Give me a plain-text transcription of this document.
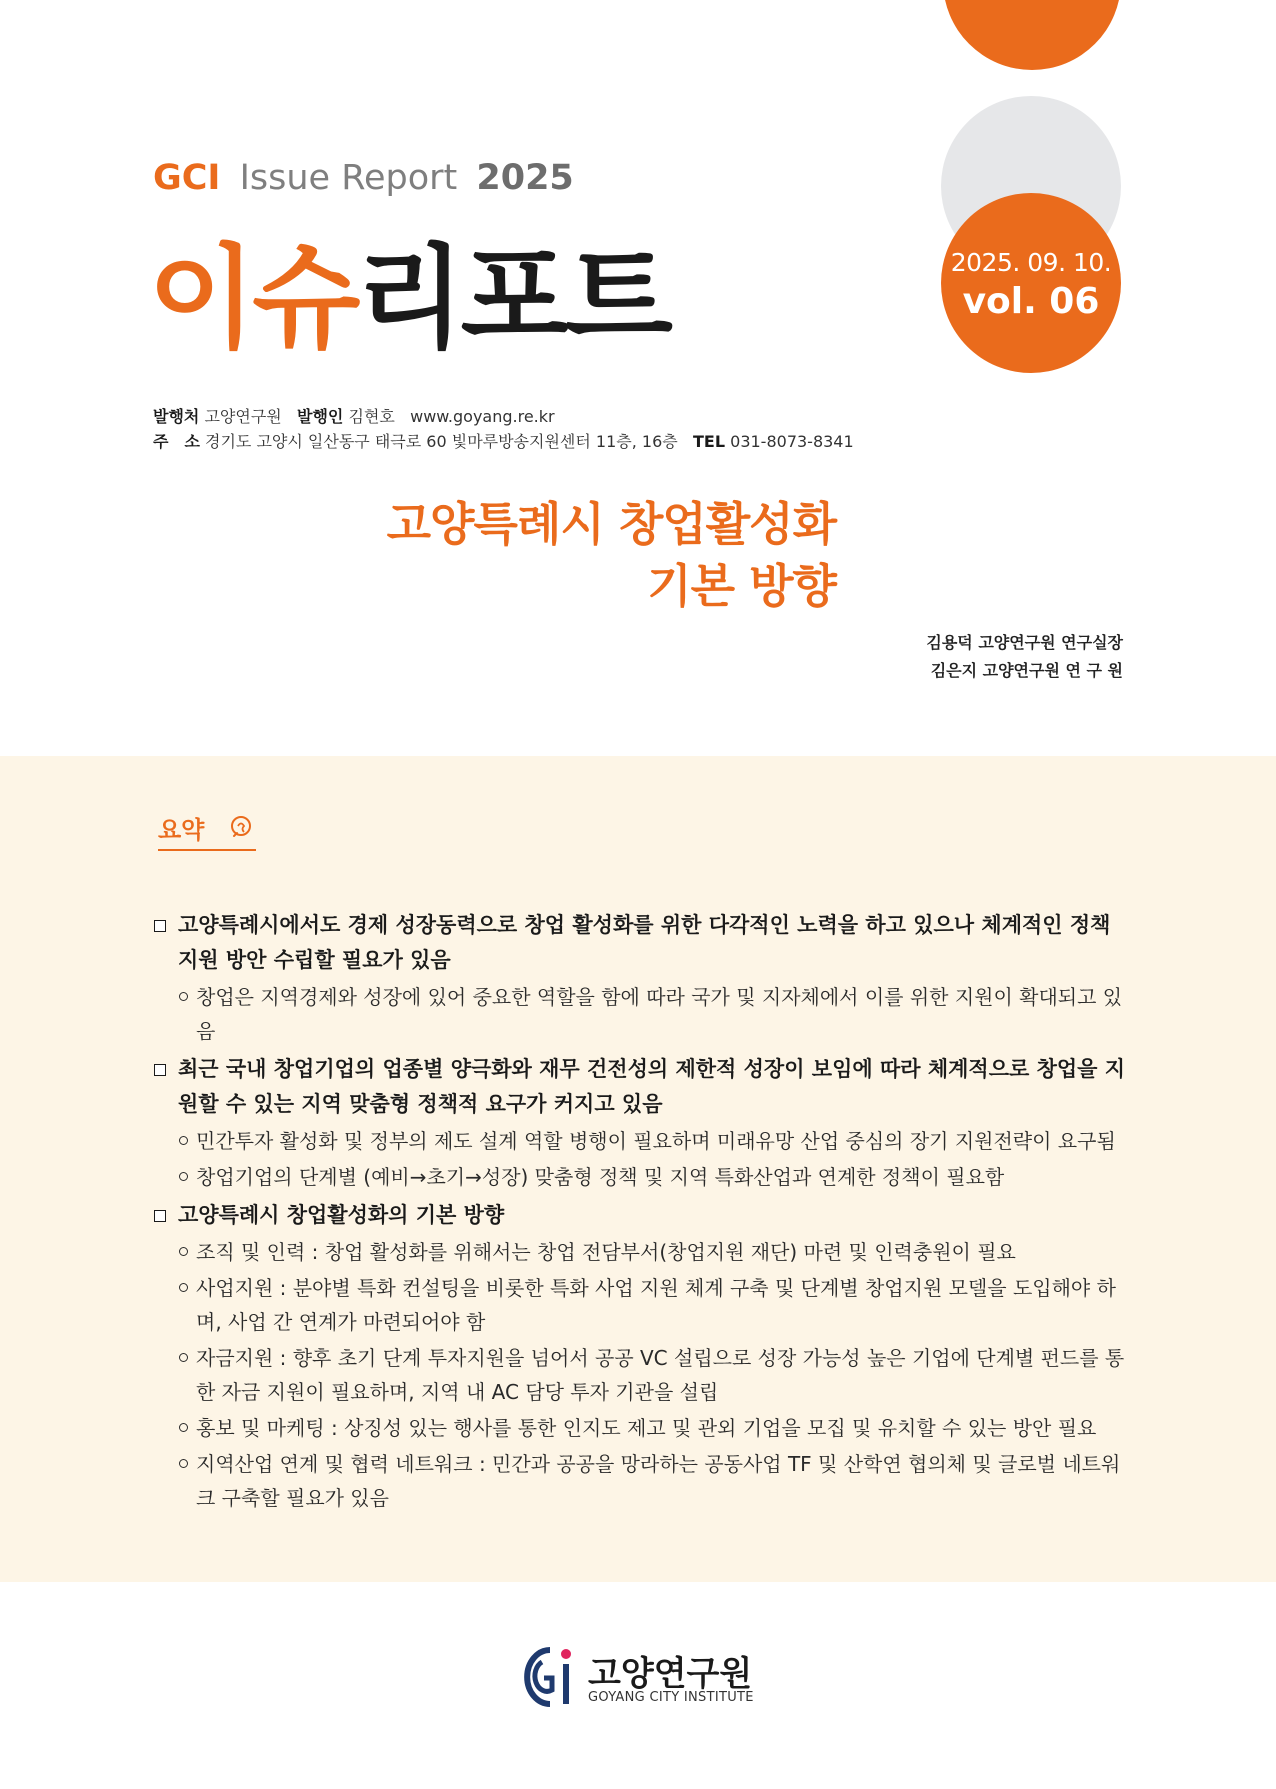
2025. 09. 10.
vol. 06
GCI Issue Report 2025
이슈리포트
발행처 고양연구원 발행인 김현호 www.goyang.re.kr
주　소 경기도 고양시 일산동구 태극로 60 빛마루방송지원센터 11층, 16층 TEL 031-8073-8341
고양특례시 창업활성화
기본 방향
김용덕 고양연구원 연구실장
김은지 고양연구원 연 구 원
요약
고양특례시에서도 경제 성장동력으로 창업 활성화를 위한 다각적인 노력을 하고 있으나 체계적인 정책지원 방안 수립할 필요가 있음
창업은 지역경제와 성장에 있어 중요한 역할을 함에 따라 국가 및 지자체에서 이를 위한 지원이 확대되고 있음
최근 국내 창업기업의 업종별 양극화와 재무 건전성의 제한적 성장이 보임에 따라 체계적으로 창업을 지원할 수 있는 지역 맞춤형 정책적 요구가 커지고 있음
민간투자 활성화 및 정부의 제도 설계 역할 병행이 필요하며 미래유망 산업 중심의 장기 지원전략이 요구됨
창업기업의 단계별 (예비→초기→성장) 맞춤형 정책 및 지역 특화산업과 연계한 정책이 필요함
고양특례시 창업활성화의 기본 방향
조직 및 인력 : 창업 활성화를 위해서는 창업 전담부서(창업지원 재단) 마련 및 인력충원이 필요
사업지원 : 분야별 특화 컨설팅을 비롯한 특화 사업 지원 체계 구축 및 단계별 창업지원 모델을 도입해야 하며, 사업 간 연계가 마련되어야 함
자금지원 : 향후 초기 단계 투자지원을 넘어서 공공 VC 설립으로 성장 가능성 높은 기업에 단계별 펀드를 통한 자금 지원이 필요하며, 지역 내 AC 담당 투자 기관을 설립
홍보 및 마케팅 : 상징성 있는 행사를 통한 인지도 제고 및 관외 기업을 모집 및 유치할 수 있는 방안 필요
지역산업 연계 및 협력 네트워크 : 민간과 공공을 망라하는 공동사업 TF 및 산학연 협의체 및 글로벌 네트워크 구축할 필요가 있음
고양연구원
GOYANG CITY INSTITUTE
